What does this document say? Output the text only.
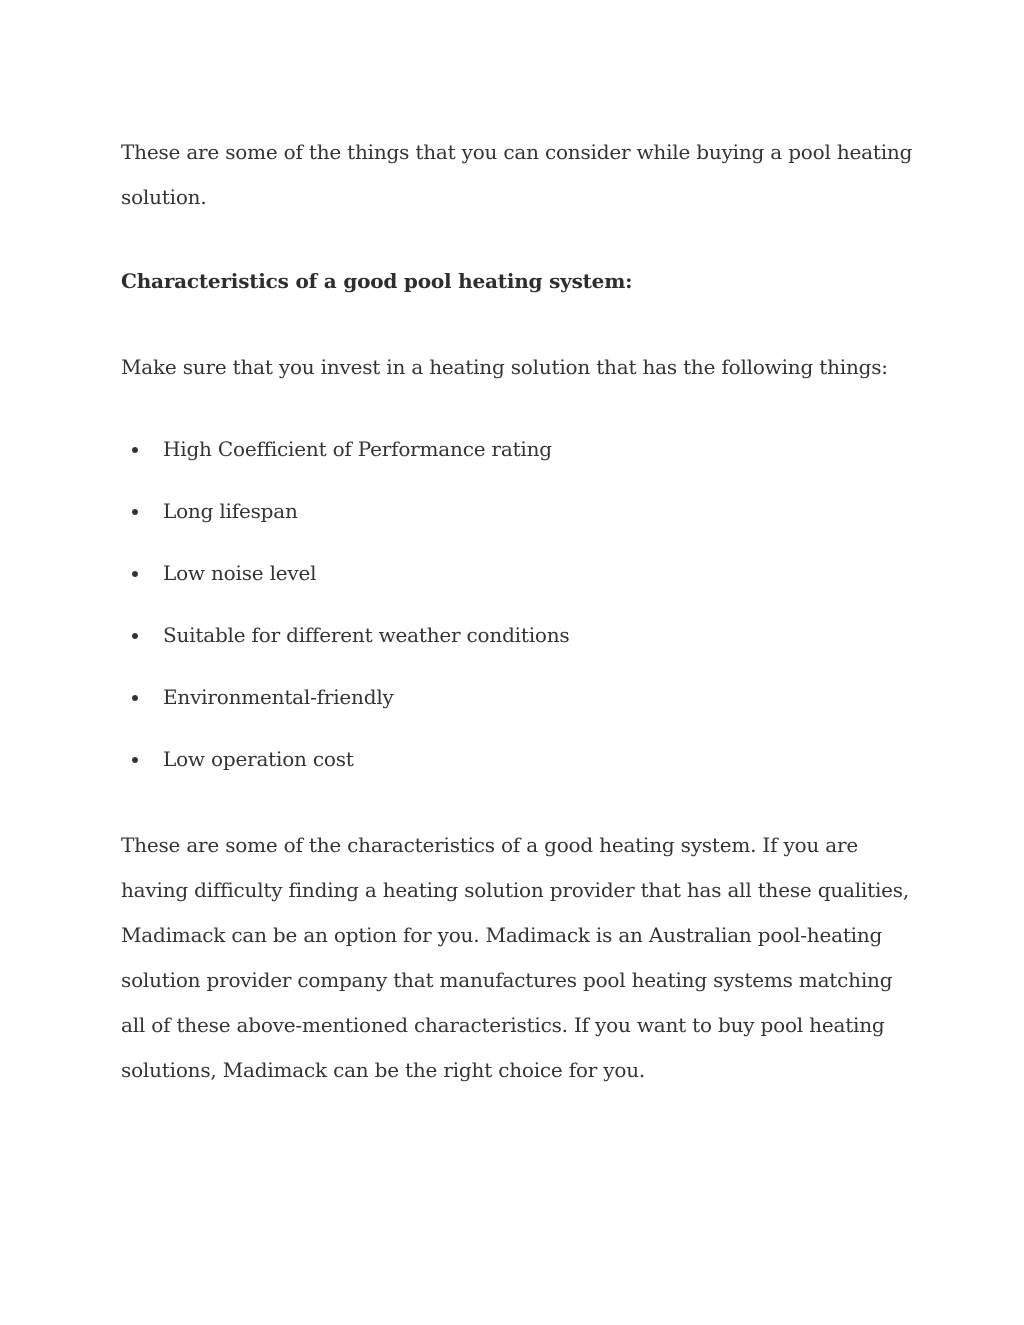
These are some of the things that you can consider while buying a pool heating solution.

Characteristics of a good pool heating system:

Make sure that you invest in a heating solution that has the following things:

High Coefficient of Performance rating
Long lifespan
Low noise level
Suitable for different weather conditions
Environmental-friendly
Low operation cost

These are some of the characteristics of a good heating system. If you are having difficulty finding a heating solution provider that has all these qualities, Madimack can be an option for you. Madimack is an Australian pool-heating solution provider company that manufactures pool heating systems matching all of these above-mentioned characteristics. If you want to buy pool heating solutions, Madimack can be the right choice for you.
